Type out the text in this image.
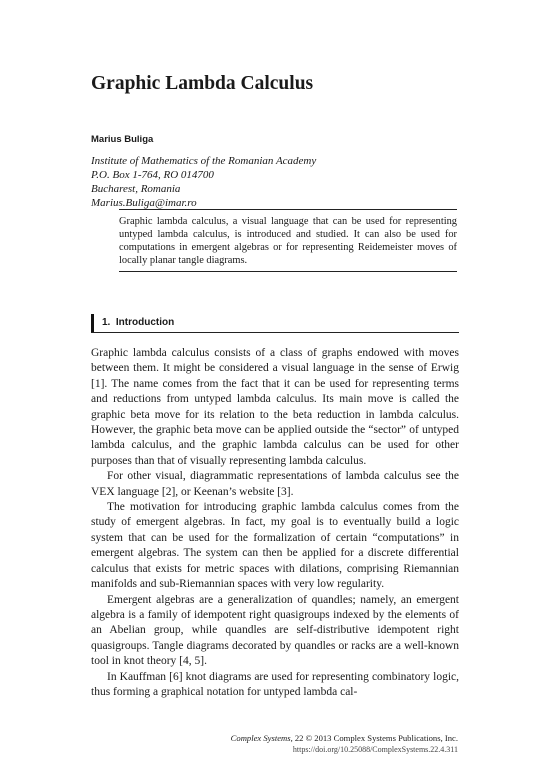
Graphic Lambda Calculus
Marius Buliga
Institute of Mathematics of the Romanian Academy
P.O. Box 1-764, RO 014700
Bucharest, Romania
Marius.Buliga@imar.ro

Graphic lambda calculus, a visual language that can be used for representing untyped lambda calculus, is introduced and studied. It can also be used for computations in emergent algebras or for representing Reidemeister moves of locally planar tangle diagrams.

1. Introduction

Graphic lambda calculus consists of a class of graphs endowed with moves between them. It might be considered a visual language in the sense of Erwig [1]. The name comes from the fact that it can be used for representing terms and reductions from untyped lambda calculus. Its main move is called the graphic beta move for its relation to the beta reduction in lambda calculus. However, the graphic beta move can be applied outside the “sector” of untyped lambda calculus, and the graphic lambda calculus can be used for other purposes than that of visually representing lambda calculus.

For other visual, diagrammatic representations of lambda calculus see the VEX language [2], or Keenan’s website [3].

The motivation for introducing graphic lambda calculus comes from the study of emergent algebras. In fact, my goal is to eventually build a logic system that can be used for the formalization of certain “computations” in emergent algebras. The system can then be applied for a discrete differential calculus that exists for metric spaces with dilations, comprising Riemannian manifolds and sub-Riemannian spaces with very low regularity.

Emergent algebras are a generalization of quandles; namely, an emergent algebra is a family of idempotent right quasigroups indexed by the elements of an Abelian group, while quandles are self-distributive idempotent right quasigroups. Tangle diagrams decorated by quandles or racks are a well-known tool in knot theory [4, 5].

In Kauffman [6] knot diagrams are used for representing combinatory logic, thus forming a graphical notation for untyped lambda cal-

Complex Systems, 22 © 2013 Complex Systems Publications, Inc.
https://doi.org/10.25088/ComplexSystems.22.4.311
